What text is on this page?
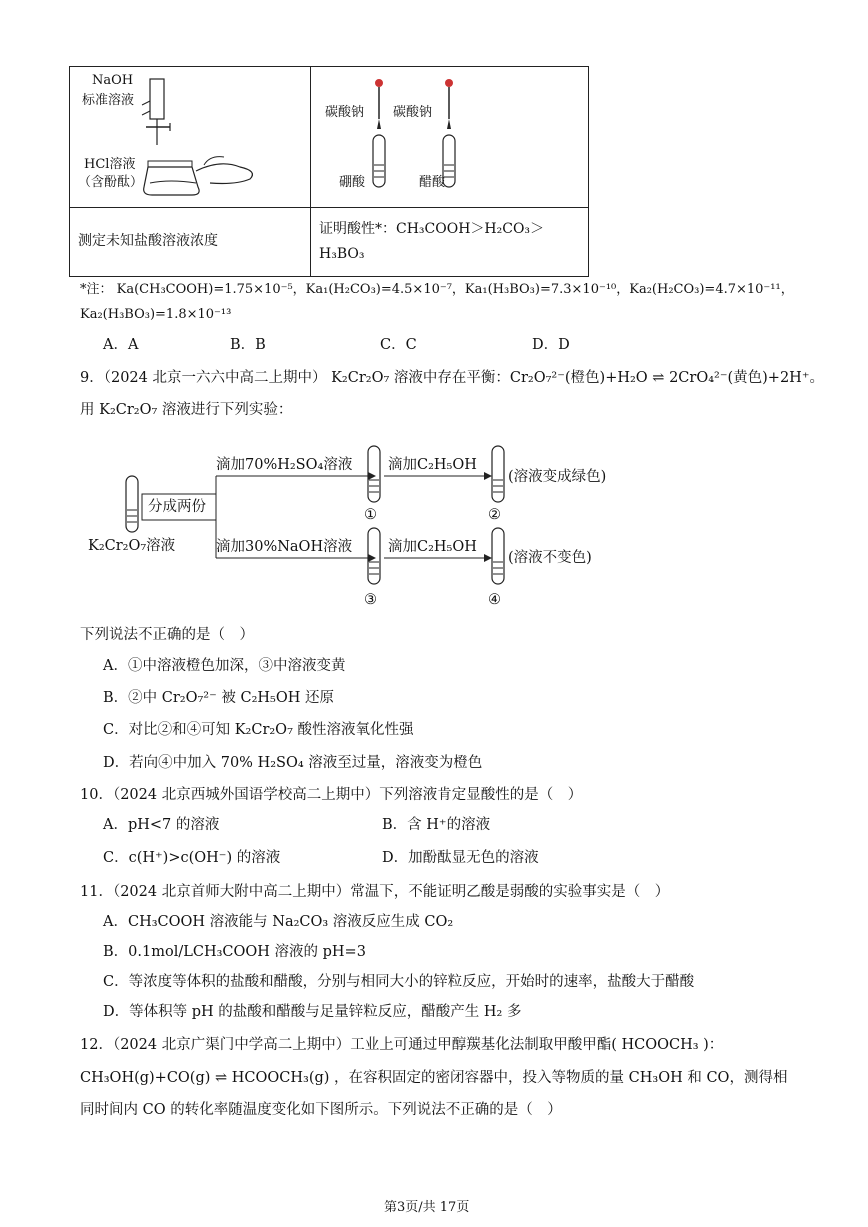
NaOH
标准溶液
HCl溶液
（含酚酞）	碳酸钠 碳酸钠
硼酸 醋酸

测定未知盐酸溶液浓度	证明酸性*：CH₃COOH＞H₂CO₃＞
H₃BO₃
*注： Ka(CH₃COOH)=1.75×10⁻⁵，Ka₁(H₂CO₃)=4.5×10⁻⁷，Ka₁(H₃BO₃)=7.3×10⁻¹⁰，Ka₂(H₂CO₃)=4.7×10⁻¹¹，
Ka₂(H₃BO₃)=1.8×10⁻¹³
A．A	B．B	C．C	D．D
9．（2024 北京一六六中高二上期中） K₂Cr₂O₇ 溶液中存在平衡：Cr₂O₇²⁻(橙色)+H₂O ⇌ 2CrO₄²⁻(黄色)+2H⁺。
用 K₂Cr₂O₇ 溶液进行下列实验：
分成两份
K₂Cr₂O₇溶液
滴加70%H₂SO₄溶液
滴加30%NaOH溶液
滴加C₂H₅OH
滴加C₂H₅OH
(溶液变成绿色)
(溶液不变色)
①	②
③	④
下列说法不正确的是（　）
A．①中溶液橙色加深，③中溶液变黄
B．②中 Cr₂O₇²⁻ 被 C₂H₅OH 还原
C．对比②和④可知 K₂Cr₂O₇ 酸性溶液氧化性强
D．若向④中加入 70% H₂SO₄ 溶液至过量，溶液变为橙色
10．（2024 北京西城外国语学校高二上期中）下列溶液肯定显酸性的是（　）
A．pH<7 的溶液	B．含 H⁺的溶液
C．c(H⁺)>c(OH⁻) 的溶液	D．加酚酞显无色的溶液
11．（2024 北京首师大附中高二上期中）常温下，不能证明乙酸是弱酸的实验事实是（　）
A．CH₃COOH 溶液能与 Na₂CO₃ 溶液反应生成 CO₂
B．0.1mol/LCH₃COOH 溶液的 pH=3
C．等浓度等体积的盐酸和醋酸，分别与相同大小的锌粒反应，开始时的速率，盐酸大于醋酸
D．等体积等 pH 的盐酸和醋酸与足量锌粒反应，醋酸产生 H₂ 多
12．（2024 北京广渠门中学高二上期中）工业上可通过甲醇羰基化法制取甲酸甲酯( HCOOCH₃ )：
CH₃OH(g)+CO(g) ⇌ HCOOCH₃(g) ，在容积固定的密闭容器中，投入等物质的量 CH₃OH 和 CO，测得相
同时间内 CO 的转化率随温度变化如下图所示。下列说法不正确的是（　）
第3页/共 17页
